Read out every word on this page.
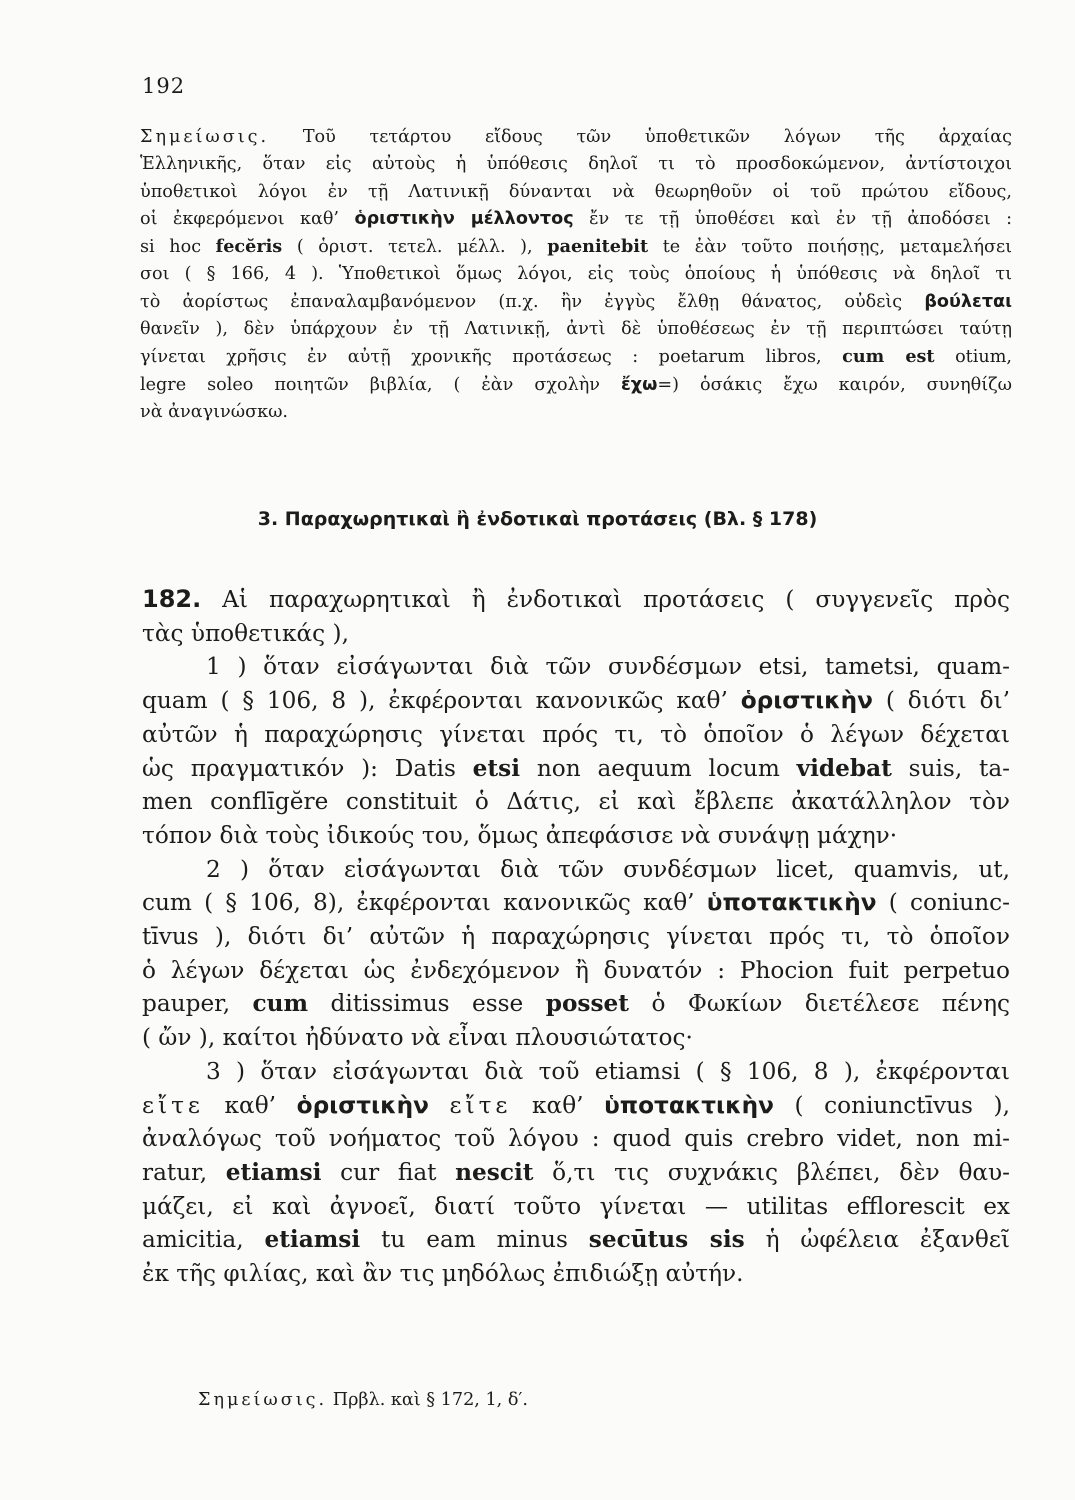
192
Σημείωσις. Τοῦ τετάρτου εἴδους τῶν ὑποθετικῶν λόγων τῆς ἀρχαίας
Ἑλληνικῆς, ὅταν εἰς αὐτοὺς ἡ ὑπόθεσις δηλοῖ τι τὸ προσδοκώμενον, ἀντίστοιχοι
ὑποθετικοὶ λόγοι ἐν τῇ Λατινικῇ δύνανται νὰ θεωρηθοῦν οἱ τοῦ πρώτου εἴδους,
οἱ ἐκφερόμενοι καθ’ ὁριστικὴν μέλλοντος ἔν τε τῇ ὑποθέσει καὶ ἐν τῇ ἀποδόσει :
si hoc fecĕris ( ὁριστ. τετελ. μέλλ. ), paenitebit te ἐὰν τοῦτο ποιήσῃς, μεταμελήσει
σοι ( § 166, 4 ). Ὑποθετικοὶ ὅμως λόγοι, εἰς τοὺς ὁποίους ἡ ὑπόθεσις νὰ δηλοῖ τι
τὸ ἀορίστως ἐπαναλαμβανόμενον (π.χ. ἢν ἐγγὺς ἔλθῃ θάνατος, οὐδεὶς βούλεται
θανεῖν ), δὲν ὑπάρχουν ἐν τῇ Λατινικῇ, ἀντὶ δὲ ὑποθέσεως ἐν τῇ περιπτώσει ταύτῃ
γίνεται χρῆσις ἐν αὐτῇ χρονικῆς προτάσεως : poetarum libros, cum est otium,
legre soleo ποιητῶν βιβλία, ( ἐὰν σχολὴν ἔχω=) ὁσάκις ἔχω καιρόν, συνηθίζω
νὰ ἀναγινώσκω.
3. Παραχωρητικαὶ ἢ ἐνδοτικαὶ προτάσεις (Βλ. § 178)
182. Αἱ παραχωρητικαὶ ἢ ἐνδοτικαὶ προτάσεις ( συγγενεῖς πρὸς
τὰς ὑποθετικάς ),
1 ) ὅταν εἰσάγωνται διὰ τῶν συνδέσμων etsi, tametsi, quam-
quam ( § 106, 8 ), ἐκφέρονται κανονικῶς καθ’ ὁριστικὴν ( διότι δι’
αὐτῶν ἡ παραχώρησις γίνεται πρός τι, τὸ ὁποῖον ὁ λέγων δέχεται
ὡς πραγματικόν ): Datis etsi non aequum locum videbat suis, ta-
men conflīgĕre constituit ὁ Δάτις, εἰ καὶ ἔβλεπε ἀκατάλληλον τὸν
τόπον διὰ τοὺς ἰδικούς του, ὅμως ἀπεφάσισε νὰ συνάψῃ μάχην·
2 ) ὅταν εἰσάγωνται διὰ τῶν συνδέσμων licet, quamvis, ut,
cum ( § 106, 8), ἐκφέρονται κανονικῶς καθ’ ὑποτακτικὴν ( coniunc-
tīvus ), διότι δι’ αὐτῶν ἡ παραχώρησις γίνεται πρός τι, τὸ ὁποῖον
ὁ λέγων δέχεται ὡς ἐνδεχόμενον ἢ δυνατόν : Phocion fuit perpetuo
pauper, cum ditissimus esse posset ὁ Φωκίων διετέλεσε πένης
( ὤν ), καίτοι ἠδύνατο νὰ εἶναι πλουσιώτατος·
3 ) ὅταν εἰσάγωνται διὰ τοῦ etiamsi ( § 106, 8 ), ἐκφέρονται
εἴτε καθ’ ὁριστικὴν εἴτε καθ’ ὑποτακτικὴν ( coniunctīvus ),
ἀναλόγως τοῦ νοήματος τοῦ λόγου : quod quis crebro videt, non mi-
ratur, etiamsi cur fiat nescit ὅ,τι τις συχνάκις βλέπει, δὲν θαυ-
μάζει, εἰ καὶ ἀγνοεῖ, διατί τοῦτο γίνεται — utilitas efflorescit ex
amicitia, etiamsi tu eam minus secūtus sis ἡ ὠφέλεια ἐξανθεῖ
ἐκ τῆς φιλίας, καὶ ἂν τις μηδόλως ἐπιδιώξῃ αὐτήν.
Σημείωσις. Πρβλ. καὶ § 172, 1, δ′.
